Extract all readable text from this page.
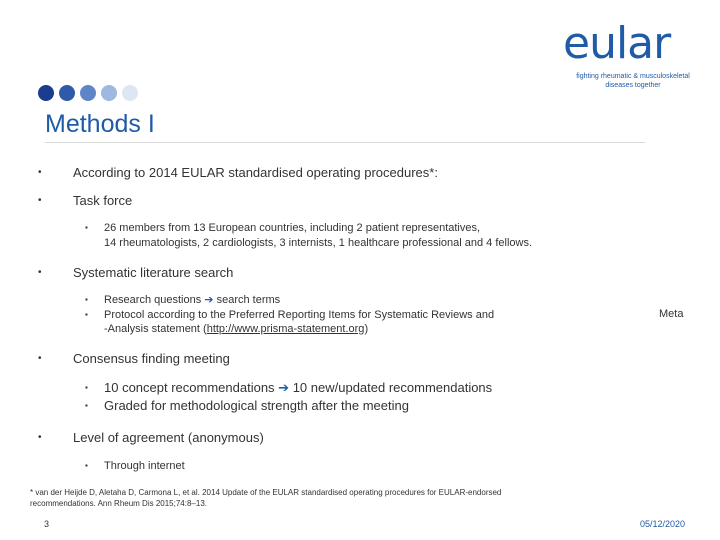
eular
fighting rheumatic & musculoskeletal
diseases together
Methods I
• According to 2014 EULAR standardised operating procedures*:
• Task force
▪ 26 members from 13 European countries, including 2 patient representatives,
14 rheumatologists, 2 cardiologists, 3 internists, 1 healthcare professional and 4 fellows.
• Systematic literature search
▪ Research questions ➔ search terms
▪ Protocol according to the Preferred Reporting Items for Systematic Reviews and
-Analysis statement (http://www.prisma-statement.org)
Meta
• Consensus finding meeting
▪ 10 concept recommendations ➔ 10 new/updated recommendations
▪ Graded for methodological strength after the meeting
• Level of agreement (anonymous)
▪ Through internet
* van der Heijde D, Aletaha D, Carmona L, et al. 2014 Update of the EULAR standardised operating procedures for EULAR-endorsed
recommendations. Ann Rheum Dis 2015;74:8–13.
3	05/12/2020
